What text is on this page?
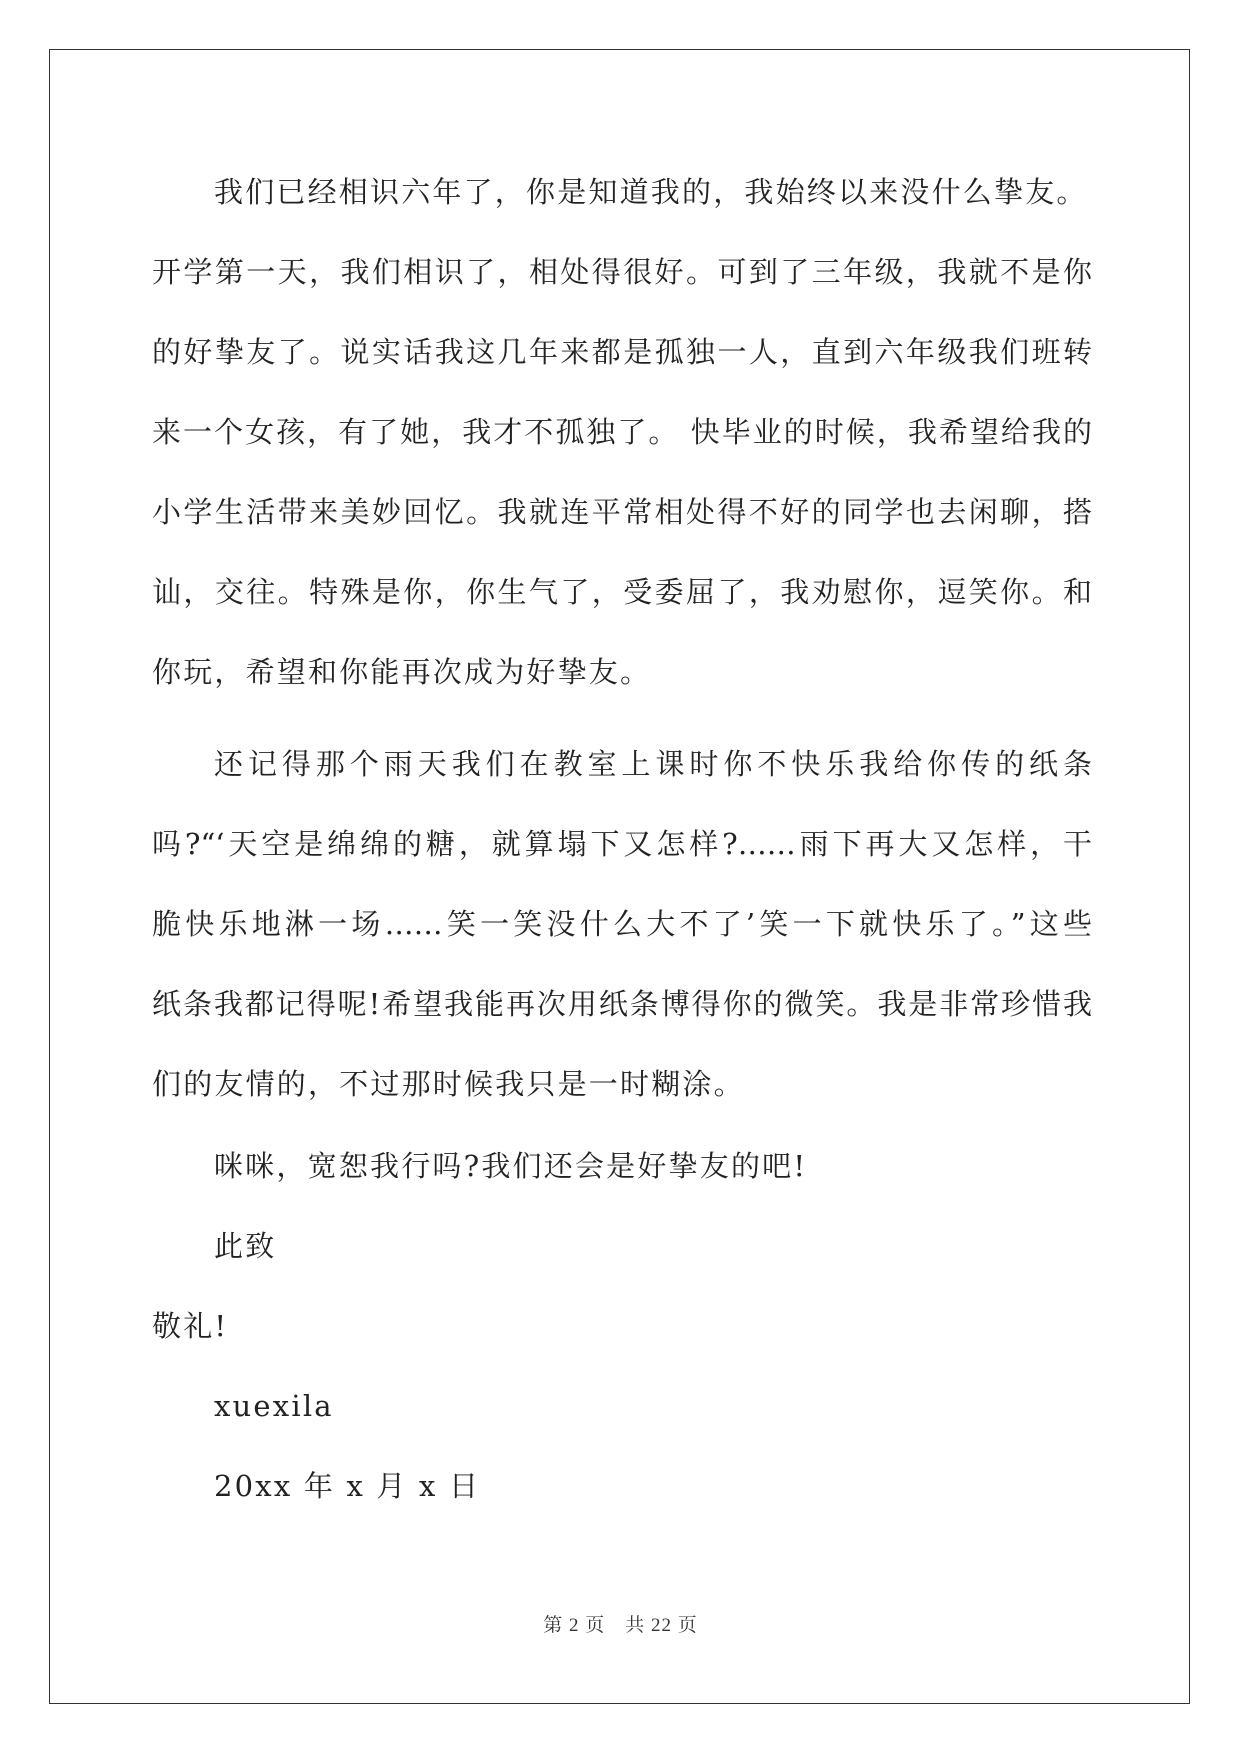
我们已经相识六年了，你是知道我的，我始终以来没什么挚友。
开学第一天，我们相识了，相处得很好。可到了三年级，我就不是你
的好挚友了。说实话我这几年来都是孤独一人，直到六年级我们班转
来一个女孩，有了她，我才不孤独了。 快毕业的时候，我希望给我的
小学生活带来美妙回忆。我就连平常相处得不好的同学也去闲聊，搭
讪，交往。特殊是你，你生气了，受委屈了，我劝慰你，逗笑你。和
你玩，希望和你能再次成为好挚友。
还记得那个雨天我们在教室上课时你不快乐我给你传的纸条
吗?“‘天空是绵绵的糖，就算塌下又怎样?……雨下再大又怎样，干
脆快乐地淋一场……笑一笑没什么大不了’笑一下就快乐了。”这些
纸条我都记得呢!希望我能再次用纸条博得你的微笑。我是非常珍惜我
们的友情的，不过那时候我只是一时糊涂。
咪咪，宽恕我行吗?我们还会是好挚友的吧!
此致
敬礼!
xuexila
20xx 年 x 月 x 日
第 2 页 共 22 页
